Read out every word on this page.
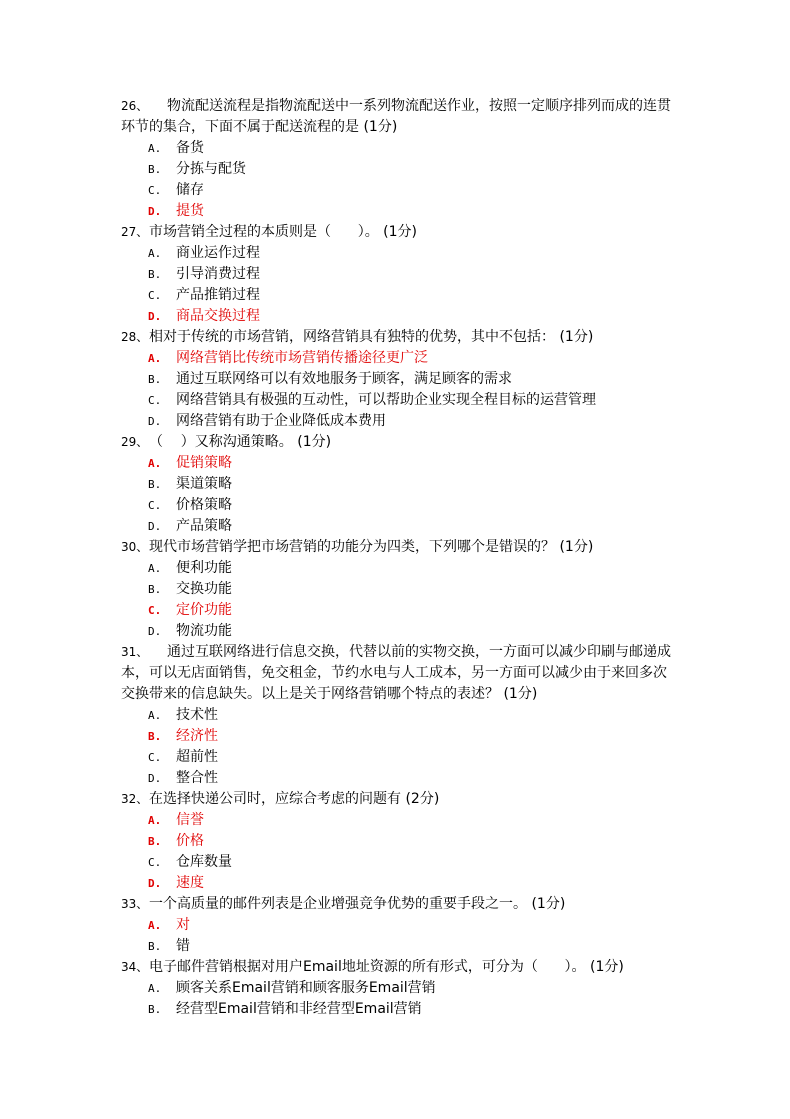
26、 物流配送流程是指物流配送中一系列物流配送作业，按照一定顺序排列而成的连贯
环节的集合，下面不属于配送流程的是 (1分)
A. 备货
B. 分拣与配货
C. 储存
D. 提货
27、 市场营销全过程的本质则是（      ）。 (1分)
A. 商业运作过程
B. 引导消费过程
C. 产品推销过程
D. 商品交换过程
28、 相对于传统的市场营销，网络营销具有独特的优势，其中不包括： (1分)
A. 网络营销比传统市场营销传播途径更广泛
B. 通过互联网络可以有效地服务于顾客，满足顾客的需求
C. 网络营销具有极强的互动性，可以帮助企业实现全程目标的运营管理
D. 网络营销有助于企业降低成本费用
29、 （    ）又称沟通策略。 (1分)
A. 促销策略
B. 渠道策略
C. 价格策略
D. 产品策略
30、 现代市场营销学把市场营销的功能分为四类，下列哪个是错误的？ (1分)
A. 便利功能
B. 交换功能
C. 定价功能
D. 物流功能
31、 通过互联网络进行信息交换，代替以前的实物交换，一方面可以减少印刷与邮递成
本，可以无店面销售，免交租金，节约水电与人工成本，另一方面可以减少由于来回多次
交换带来的信息缺失。以上是关于网络营销哪个特点的表述？ (1分)
A. 技术性
B. 经济性
C. 超前性
D. 整合性
32、 在选择快递公司时，应综合考虑的问题有 (2分)
A. 信誉
B. 价格
C. 仓库数量
D. 速度
33、 一个高质量的邮件列表是企业增强竞争优势的重要手段之一。 (1分)
A. 对
B. 错
34、 电子邮件营销根据对用户Email地址资源的所有形式，可分为（      ）。 (1分)
A. 顾客关系Email营销和顾客服务Email营销
B. 经营型Email营销和非经营型Email营销
